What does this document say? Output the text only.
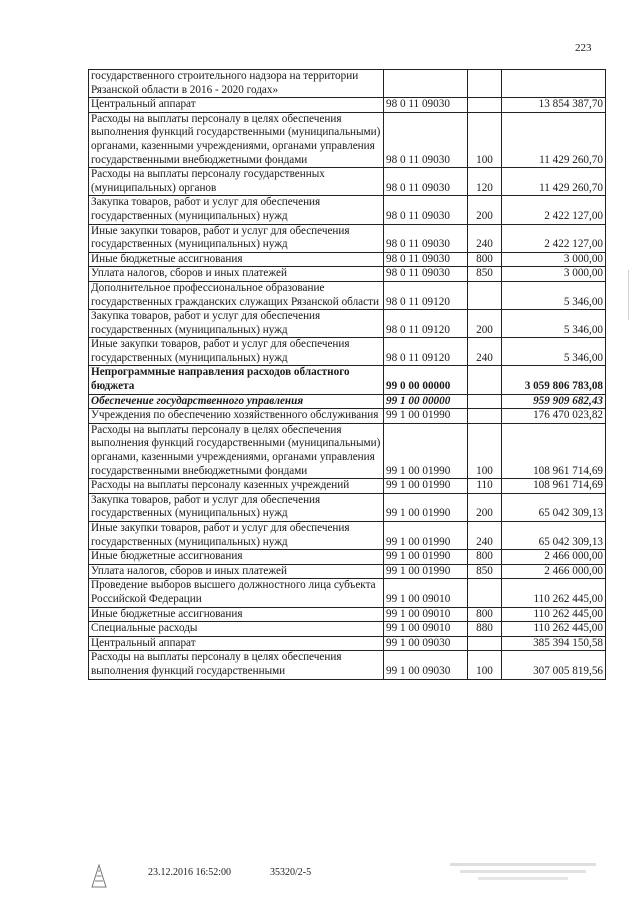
223
государственного строительного надзора на территории Рязанской области в 2016 - 2020 годах»			
Центральный аппарат	98 0 11 09030		13 854 387,70
Расходы на выплаты персоналу в целях обеспечения выполнения функций государственными (муниципальными) органами, казенными учреждениями, органами управления государственными внебюджетными фондами	98 0 11 09030	100	11 429 260,70
Расходы на выплаты персоналу государственных (муниципальных) органов	98 0 11 09030	120	11 429 260,70
Закупка товаров, работ и услуг для обеспечения государственных (муниципальных) нужд	98 0 11 09030	200	2 422 127,00
Иные закупки товаров, работ и услуг для обеспечения государственных (муниципальных) нужд	98 0 11 09030	240	2 422 127,00
Иные бюджетные ассигнования	98 0 11 09030	800	3 000,00
Уплата налогов, сборов и иных платежей	98 0 11 09030	850	3 000,00
Дополнительное профессиональное образование государственных гражданских служащих Рязанской области	98 0 11 09120		5 346,00
Закупка товаров, работ и услуг для обеспечения государственных (муниципальных) нужд	98 0 11 09120	200	5 346,00
Иные закупки товаров, работ и услуг для обеспечения государственных (муниципальных) нужд	98 0 11 09120	240	5 346,00
Непрограммные направления расходов областного бюджета	99 0 00 00000		3 059 806 783,08
Обеспечение государственного управления	99 1 00 00000		959 909 682,43
Учреждения по обеспечению хозяйственного обслуживания	99 1 00 01990		176 470 023,82
Расходы на выплаты персоналу в целях обеспечения выполнения функций государственными (муниципальными) органами, казенными учреждениями, органами управления государственными внебюджетными фондами	99 1 00 01990	100	108 961 714,69
Расходы на выплаты персоналу казенных учреждений	99 1 00 01990	110	108 961 714,69
Закупка товаров, работ и услуг для обеспечения государственных (муниципальных) нужд	99 1 00 01990	200	65 042 309,13
Иные закупки товаров, работ и услуг для обеспечения государственных (муниципальных) нужд	99 1 00 01990	240	65 042 309,13
Иные бюджетные ассигнования	99 1 00 01990	800	2 466 000,00
Уплата налогов, сборов и иных платежей	99 1 00 01990	850	2 466 000,00
Проведение выборов высшего должностного лица субъекта Российской Федерации	99 1 00 09010		110 262 445,00
Иные бюджетные ассигнования	99 1 00 09010	800	110 262 445,00
Специальные расходы	99 1 00 09010	880	110 262 445,00
Центральный аппарат	99 1 00 09030		385 394 150,58
Расходы на выплаты персоналу в целях обеспечения выполнения функций государственными	99 1 00 09030	100	307 005 819,56
23.12.2016 16:52:00	35320/2-5
